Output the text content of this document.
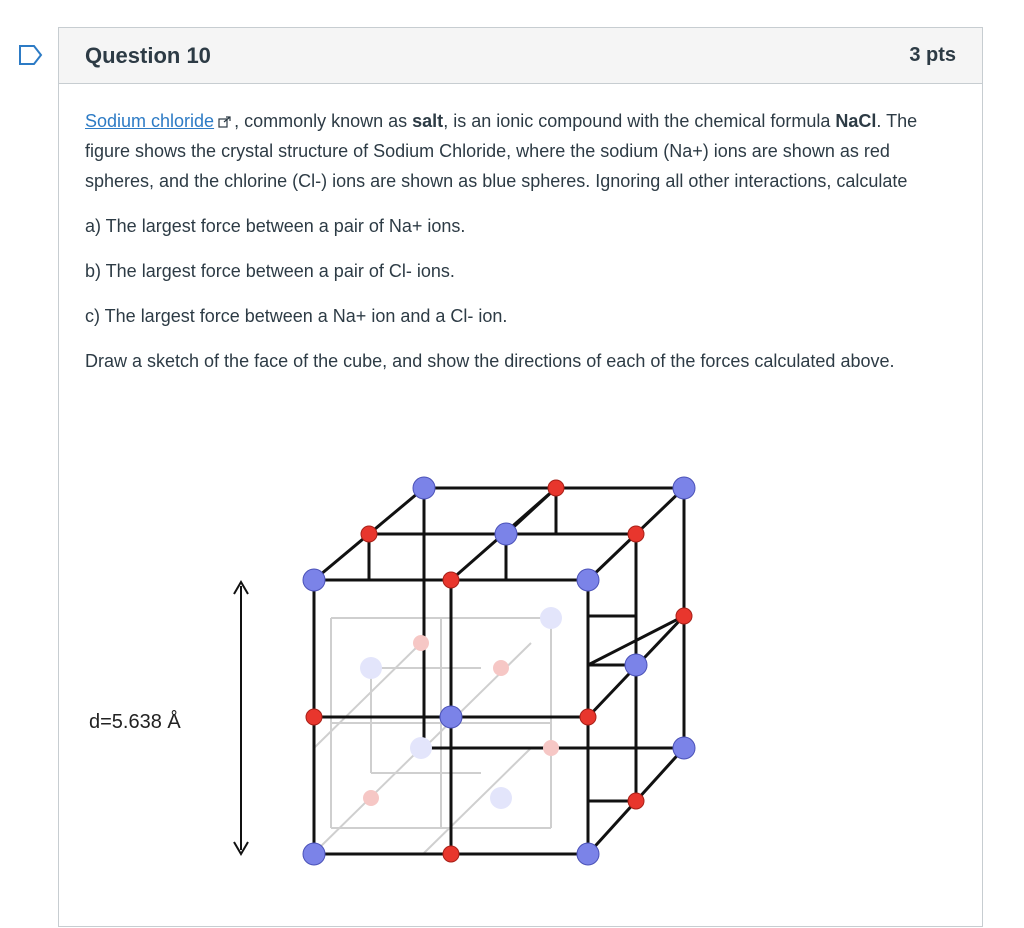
Question 10	3 pts

Sodium chloride , commonly known as salt, is an ionic compound with the chemical formula NaCl. The figure shows the crystal structure of Sodium Chloride, where the sodium (Na+) ions are shown as red spheres, and the chlorine (Cl-) ions are shown as blue spheres. Ignoring all other interactions, calculate

a) The largest force between a pair of Na+ ions.

b) The largest force between a pair of Cl- ions.

c) The largest force between a Na+ ion and a Cl- ion.

Draw a sketch of the face of the cube, and show the directions of each of the forces calculated above.

d=5.638 Å
